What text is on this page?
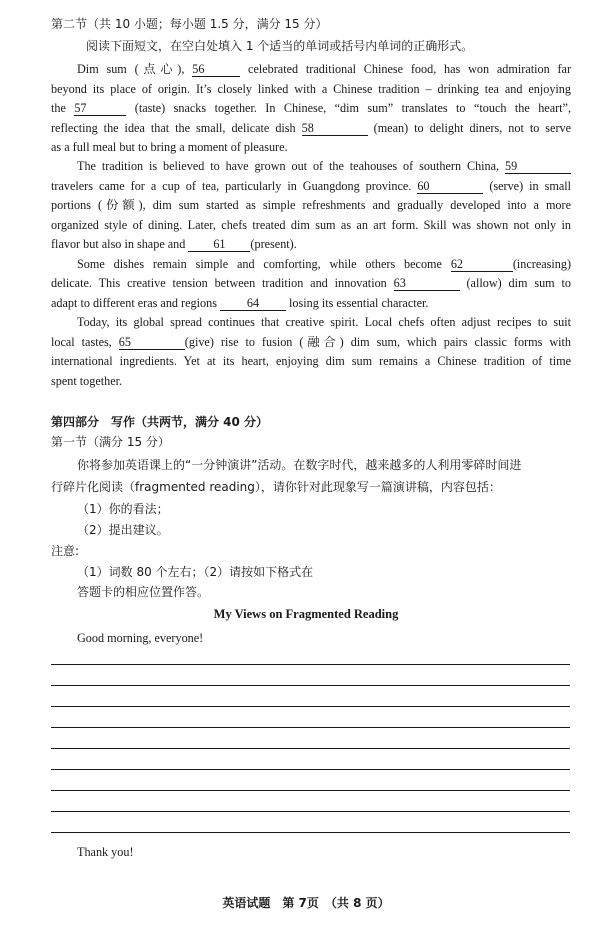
第二节（共 10 小题；每小题 1.5 分，满分 15 分）
阅读下面短文，在空白处填入 1 个适当的单词或括号内单词的正确形式。
Dim sum (点心), 56	celebrated traditional Chinese food, has won admiration far
beyond its place of origin. It’s closely linked with a Chinese tradition – drinking tea and enjoying
the 57	(taste) snacks together. In Chinese, “dim sum” translates to “touch the heart”,
reflecting the idea that the small, delicate dish 58	(mean) to delight diners, not to serve
as a full meal but to bring a moment of pleasure.
The tradition is believed to have grown out of the teahouses of southern China, 59
travelers came for a cup of tea, particularly in Guangdong province. 60	(serve) in small
portions (份额), dim sum started as simple refreshments and gradually developed into a more
organized style of dining. Later, chefs treated dim sum as an art form. Skill was shown not only in
flavor but also in shape and 61 (present).
Some dishes remain simple and comforting, while others become 62	(increasing)
delicate. This creative tension between tradition and innovation 63	(allow) dim sum to
adapt to different eras and regions 64 losing its essential character.
Today, its global spread continues that creative spirit. Local chefs often adjust recipes to suit
local tastes, 65	(give) rise to fusion (融合) dim sum, which pairs classic forms with
international ingredients. Yet at its heart, enjoying dim sum remains a Chinese tradition of time
spent together.
第四部分　写作（共两节，满分 40 分）
第一节（满分 15 分）
你将参加英语课上的“一分钟演讲”活动。在数字时代，越来越多的人利用零碎时间进
行碎片化阅读（fragmented reading），请你针对此现象写一篇演讲稿，内容包括：
（1）你的看法；
（2）提出建议。
注意:
（1）词数 80 个左右；（2）请按如下格式在
答题卡的相应位置作答。
My Views on Fragmented Reading
Good morning, everyone!
Thank you!
英语试题　第 7页　（共 8 页）
